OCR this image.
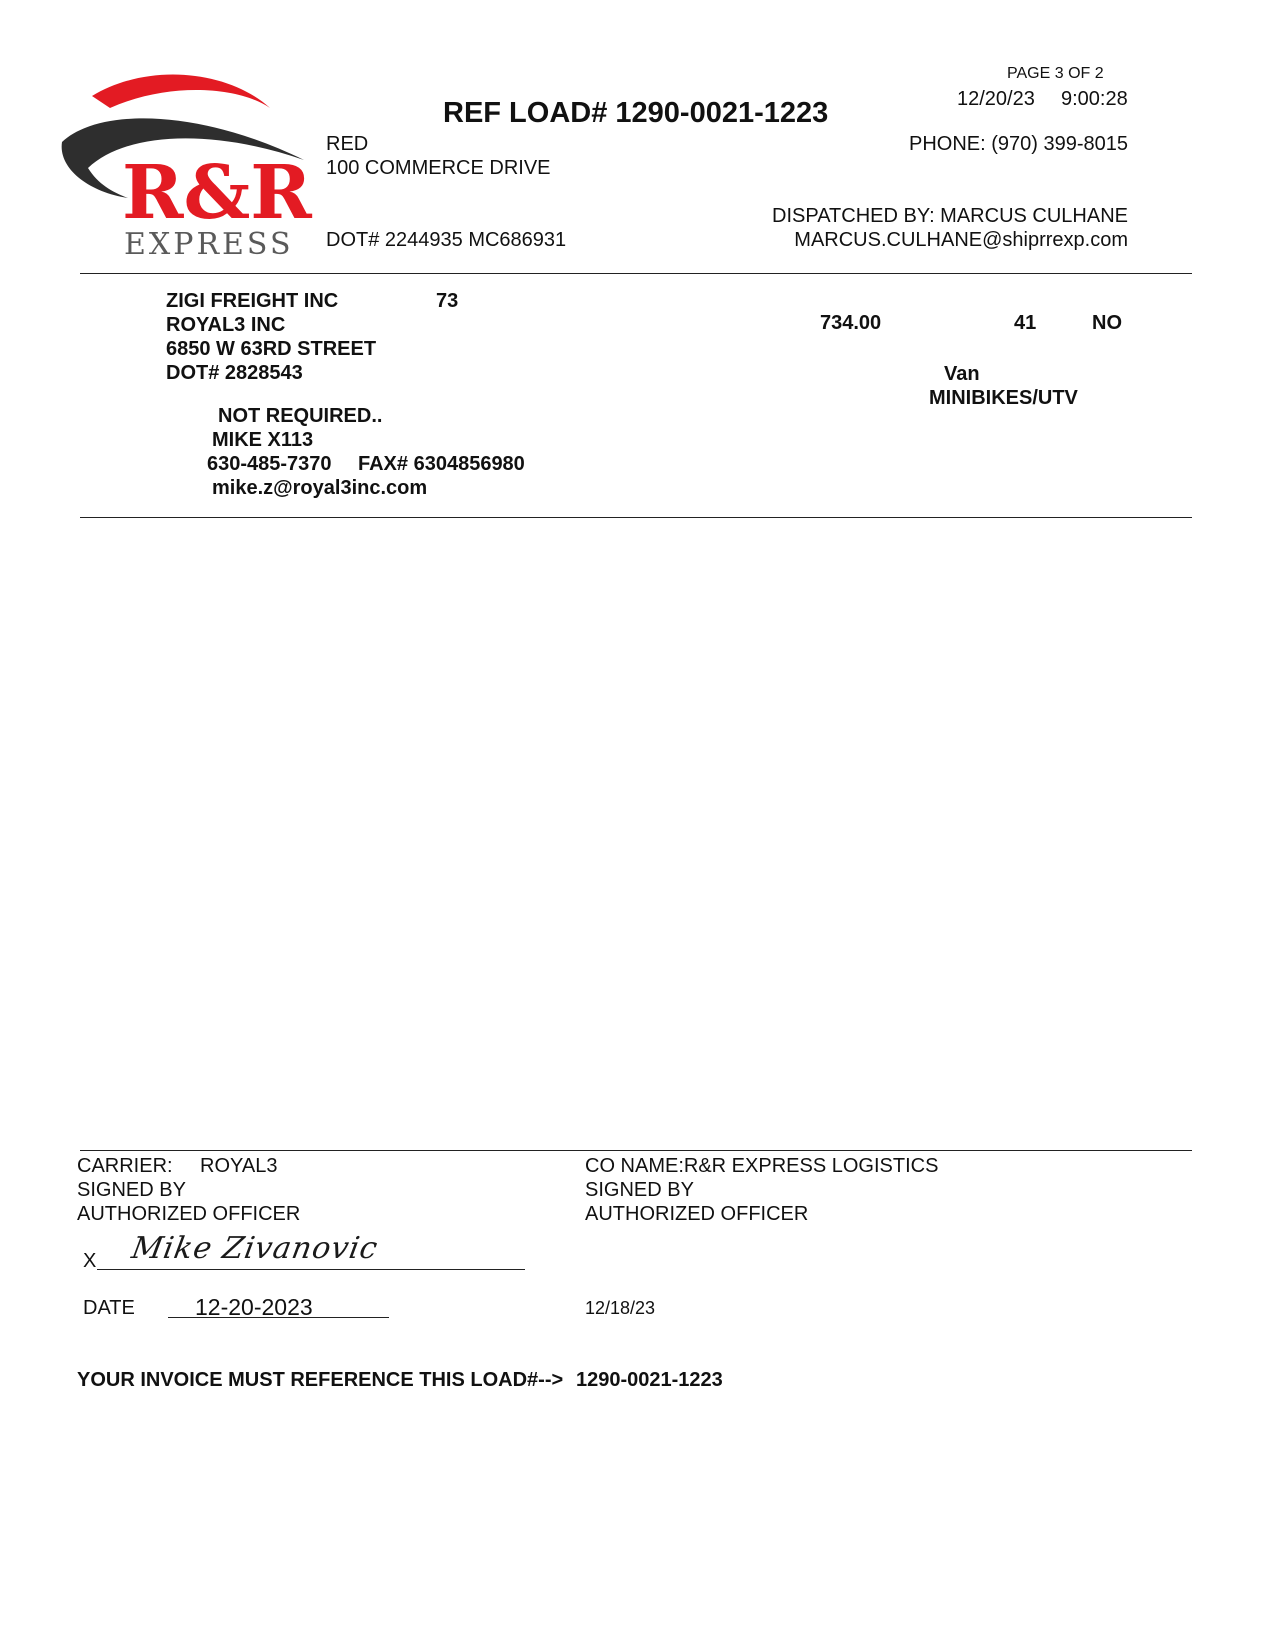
R&R
EXPRESS
PAGE 3 OF 2
12/20/23 9:00:28
REF LOAD# 1290-0021-1223
RED
100 COMMERCE DRIVE
DOT# 2244935 MC686931
PHONE: (970) 399-8015
DISPATCHED BY: MARCUS CULHANE
MARCUS.CULHANE@shiprrexp.com
ZIGI FREIGHT INC	73
ROYAL3 INC
6850 W 63RD STREET
DOT# 2828543
NOT REQUIRED..
MIKE X113
630-485-7370 FAX# 6304856980
mike.z@royal3inc.com
734.00	41	NO
Van
MINIBIKES/UTV
CARRIER: ROYAL3
SIGNED BY
AUTHORIZED OFFICER
X Mike Zivanovic
DATE	12-20-2023
CO NAME:R&R EXPRESS LOGISTICS
SIGNED BY
AUTHORIZED OFFICER
12/18/23
YOUR INVOICE MUST REFERENCE THIS LOAD#--> 1290-0021-1223
